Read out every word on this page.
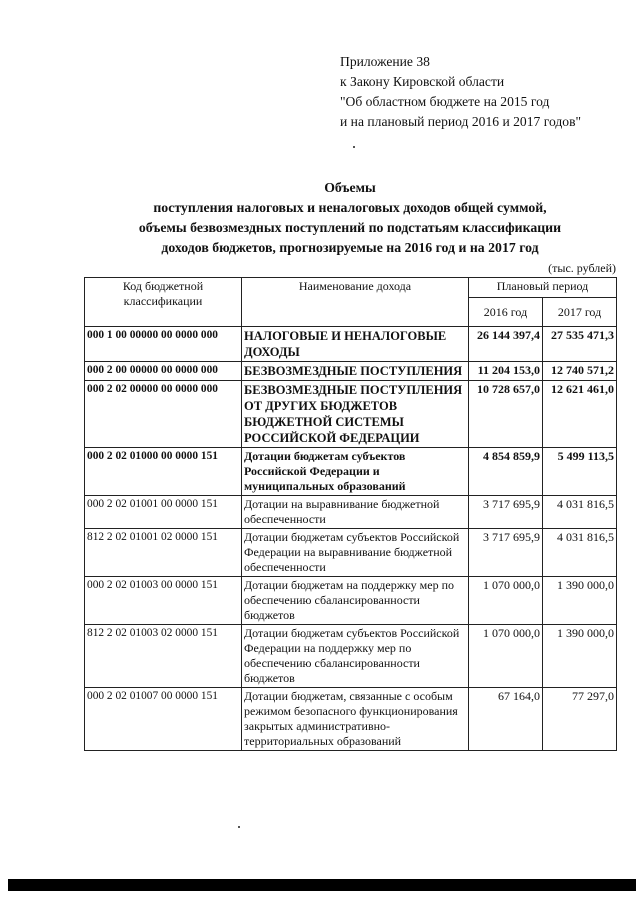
Приложение 38
к Закону Кировской области
"Об областном бюджете на 2015 год
и на плановый период 2016 и 2017 годов"
Объемы
поступления налоговых и неналоговых доходов общей суммой,
объемы безвозмездных поступлений по подстатьям классификации
доходов бюджетов, прогнозируемые на 2016 год и на 2017 год
(тыс. рублей)
Код бюджетной классификации	Наименование дохода	Плановый период	
		2016 год	2017 год
000 1 00 00000 00 0000 000	НАЛОГОВЫЕ И НЕНАЛОГОВЫЕ ДОХОДЫ	26 144 397,4	27 535 471,3
000 2 00 00000 00 0000 000	БЕЗВОЗМЕЗДНЫЕ ПОСТУПЛЕНИЯ	11 204 153,0	12 740 571,2
000 2 02 00000 00 0000 000	БЕЗВОЗМЕЗДНЫЕ ПОСТУПЛЕНИЯ ОТ ДРУГИХ БЮДЖЕТОВ БЮДЖЕТНОЙ СИСТЕМЫ РОССИЙСКОЙ ФЕДЕРАЦИИ	10 728 657,0	12 621 461,0
000 2 02 01000 00 0000 151	Дотации бюджетам субъектов Российской Федерации и муниципальных образований	4 854 859,9	5 499 113,5
000 2 02 01001 00 0000 151	Дотации на выравнивание бюджетной обеспеченности	3 717 695,9	4 031 816,5
812 2 02 01001 02 0000 151	Дотации бюджетам субъектов Российской Федерации на выравнивание бюджетной обеспеченности	3 717 695,9	4 031 816,5
000 2 02 01003 00 0000 151	Дотации бюджетам на поддержку мер по обеспечению сбалансированности бюджетов	1 070 000,0	1 390 000,0
812 2 02 01003 02 0000 151	Дотации бюджетам субъектов Российской Федерации на поддержку мер по обеспечению сбалансированности бюджетов	1 070 000,0	1 390 000,0
000 2 02 01007 00 0000 151	Дотации бюджетам, связанные с особым режимом безопасного функционирования закрытых административно-территориальных образований	67 164,0	77 297,0
